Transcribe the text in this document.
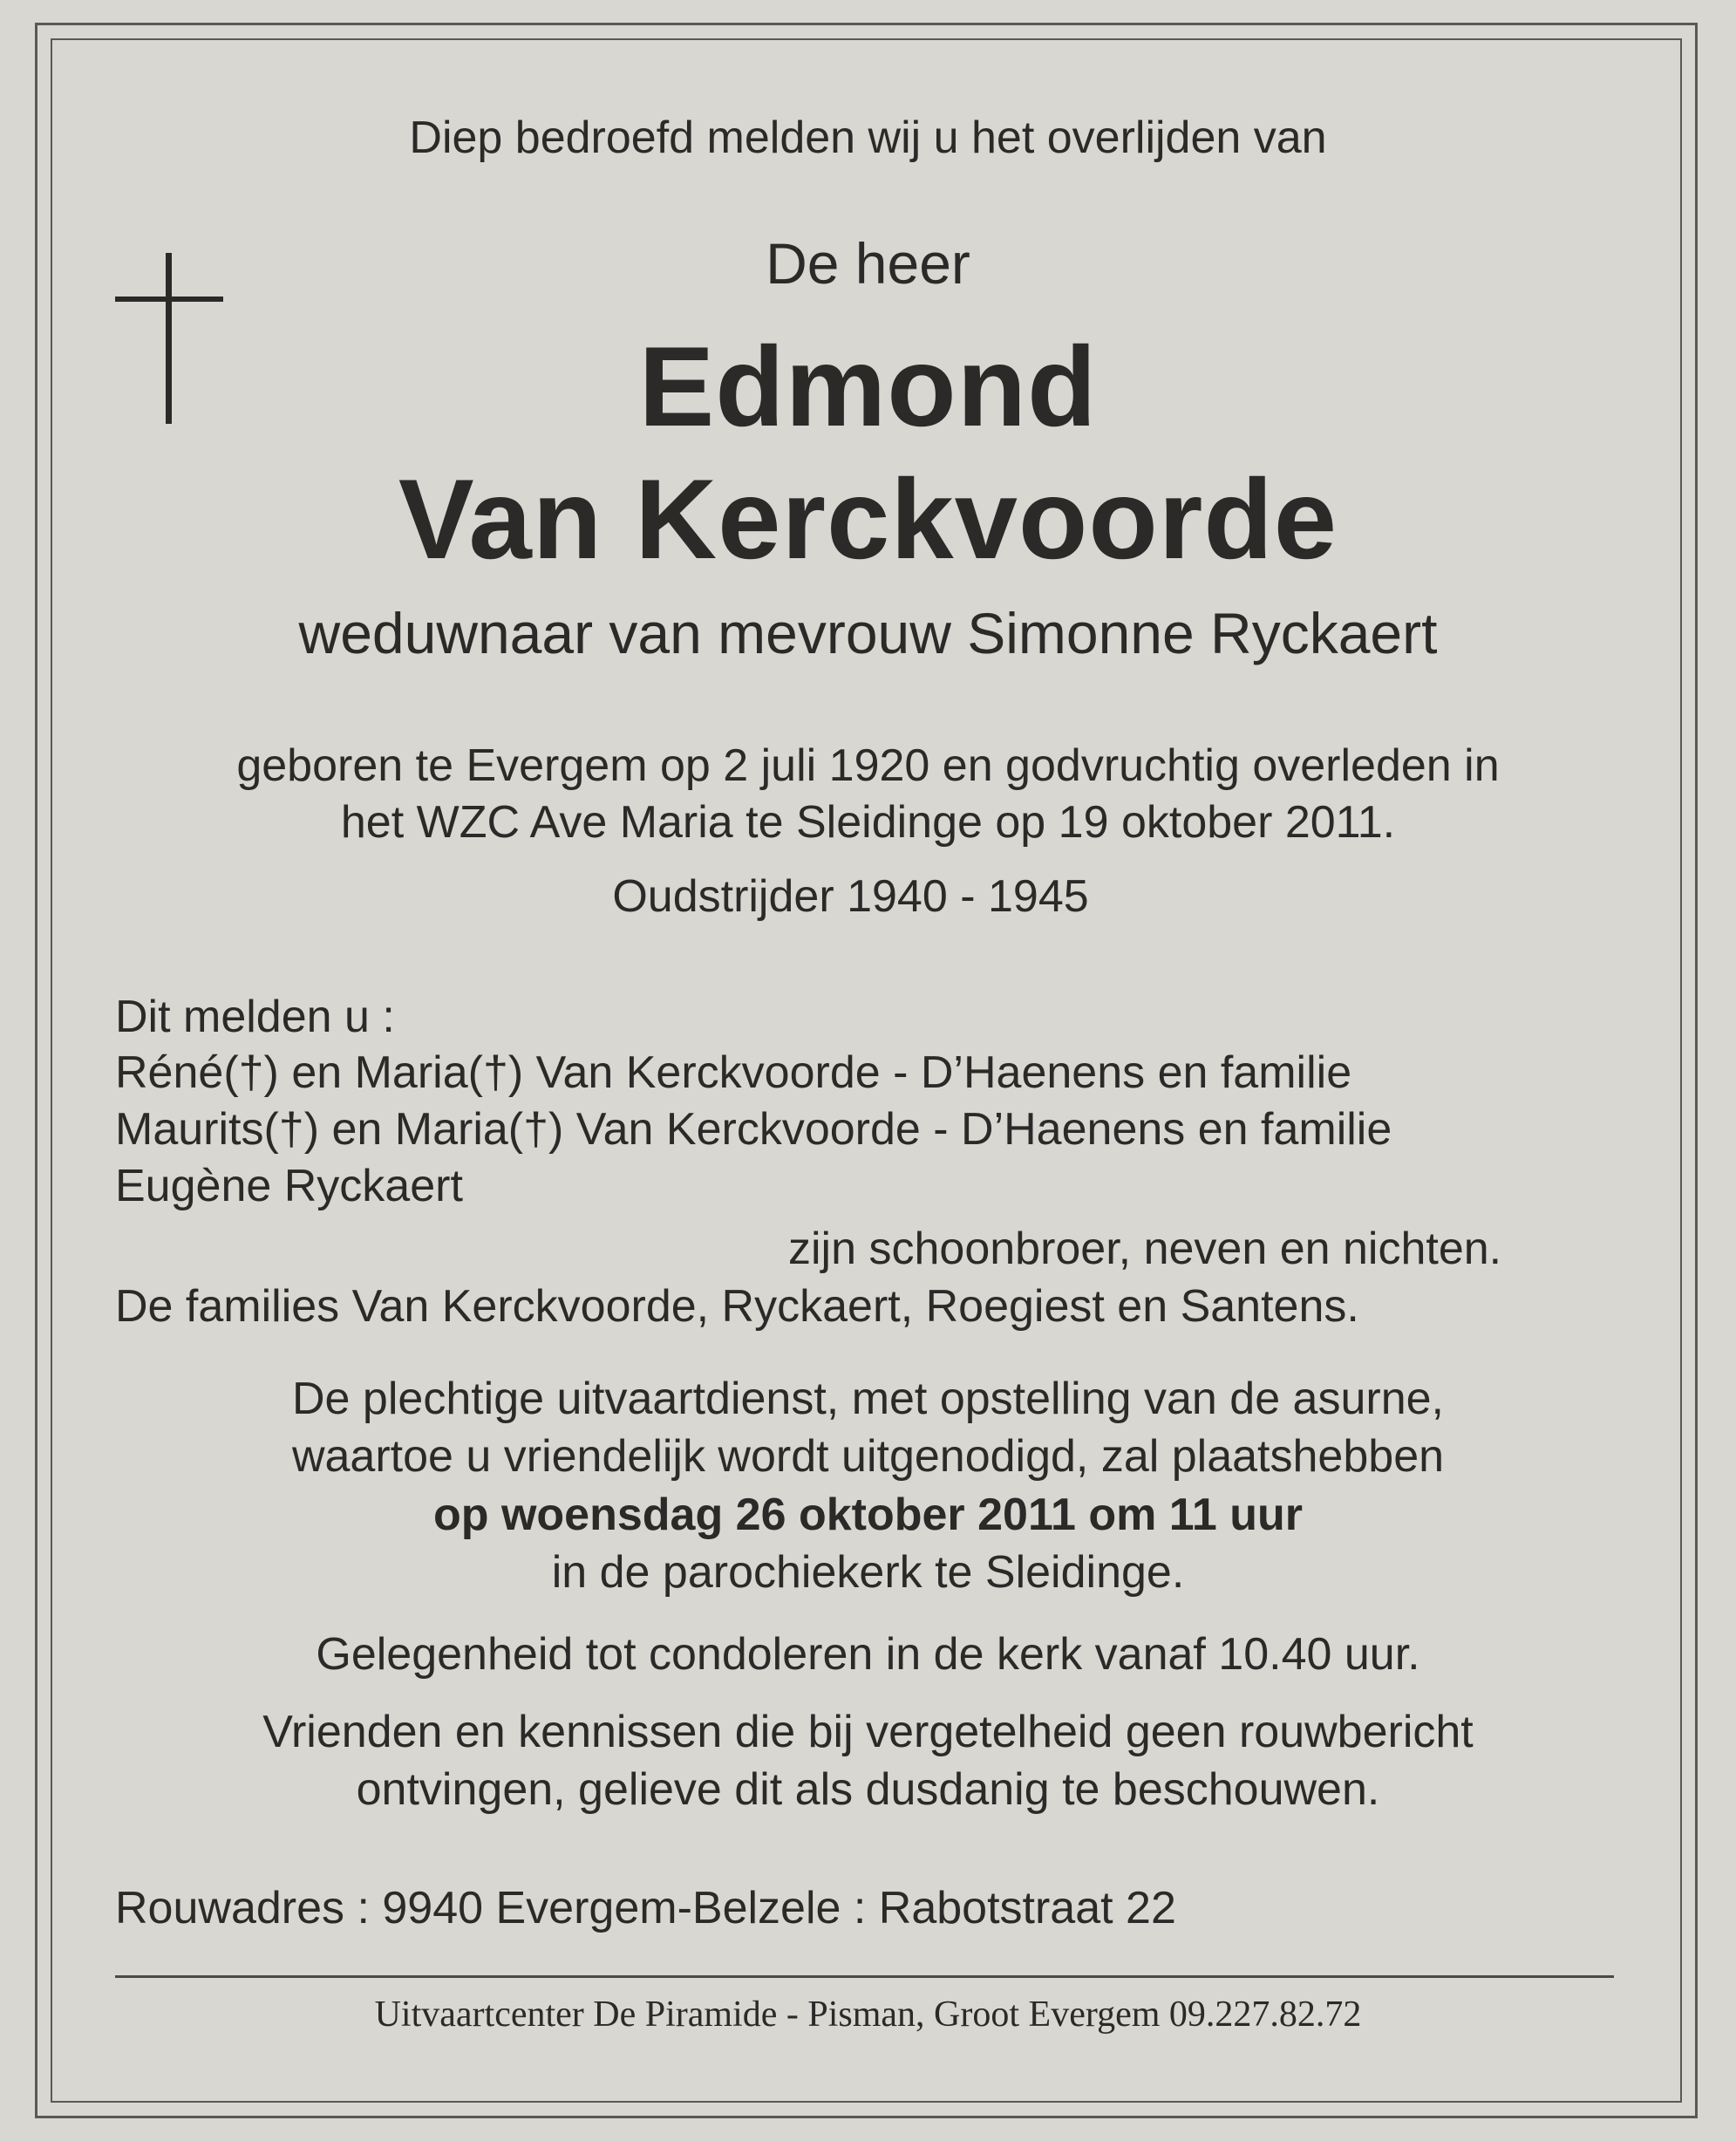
Diep bedroefd melden wij u het overlijden van
De heer
Edmond
Van Kerckvoorde
weduwnaar van mevrouw Simonne Ryckaert
geboren te Evergem op 2 juli 1920 en godvruchtig overleden in
het WZC Ave Maria te Sleidinge op 19 oktober 2011.
Oudstrijder 1940 - 1945
Dit melden u :
Réné(†) en Maria(†) Van Kerckvoorde - D’Haenens en familie
Maurits(†) en Maria(†) Van Kerckvoorde - D’Haenens en familie
Eugène Ryckaert
zijn schoonbroer, neven en nichten.
De families Van Kerckvoorde, Ryckaert, Roegiest en Santens.
De plechtige uitvaartdienst, met opstelling van de asurne,
waartoe u vriendelijk wordt uitgenodigd, zal plaatshebben
op woensdag 26 oktober 2011 om 11 uur
in de parochiekerk te Sleidinge.
Gelegenheid tot condoleren in de kerk vanaf 10.40 uur.
Vrienden en kennissen die bij vergetelheid geen rouwbericht
ontvingen, gelieve dit als dusdanig te beschouwen.
Rouwadres : 9940 Evergem-Belzele : Rabotstraat 22
Uitvaartcenter De Piramide - Pisman, Groot Evergem 09.227.82.72
